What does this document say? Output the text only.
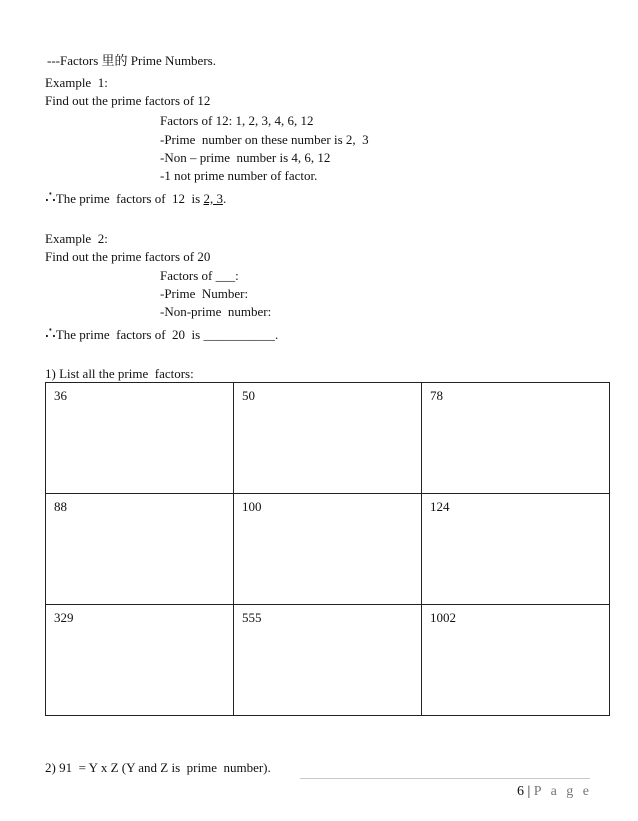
---Factors 里的 Prime Numbers.
Example  1:
Find out the prime factors of 12
Factors of 12: 1, 2, 3, 4, 6, 12
-Prime  number on these number is 2,  3
-Non – prime  number is 4, 6, 12
-1 not prime number of factor.
∴The prime  factors of  12  is 2, 3.
Example  2:
Find out the prime factors of 20
Factors of ___:
-Prime  Number:
-Non-prime  number:
∴The prime  factors of  20  is ___________.
1) List all the prime  factors:
36	50	78
88	100	124
329	555	1002
2) 91  = Y x Z (Y and Z is  prime  number).
6 | P a g e
